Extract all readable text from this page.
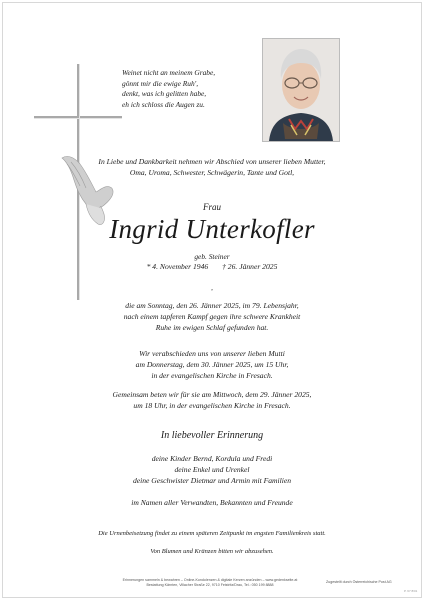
Weinet nicht an meinem Grabe,
gönnt mir die ewige Ruh',
denkt, was ich gelitten habe,
eh ich schloss die Augen zu.
In Liebe und Dankbarkeit nehmen wir Abschied von unserer lieben Mutter,
Oma, Uroma, Schwester, Schwägerin, Tante und Gotl,
Frau
Ingrid Unterkofler
geb. Steiner
* 4. November 1946 † 26. Jänner 2025
,
die am Sonntag, den 26. Jänner 2025, im 79. Lebensjahr,
nach einem tapferen Kampf gegen ihre schwere Krankheit
Ruhe im ewigen Schlaf gefunden hat.
Wir verabschieden uns von unserer lieben Mutti
am Donnerstag, dem 30. Jänner 2025, um 15 Uhr,
in der evangelischen Kirche in Fresach.
Gemeinsam beten wir für sie am Mittwoch, dem 29. Jänner 2025,
um 18 Uhr, in der evangelischen Kirche in Fresach.
In liebevoller Erinnerung
deine Kinder Bernd, Kordula und Fredi
deine Enkel und Urenkel
deine Geschwister Dietmar und Armin mit Familien
im Namen aller Verwandten, Bekannten und Freunde
Die Urnenbeisetzung findet zu einem späteren Zeitpunkt im engsten Familienkreis statt.
Von Blumen und Kränzen bitten wir abzusehen.
Erinnerungen sammeln & bewahren – Online-Kondolenzen & digitale Kerzen anzünden – www.gedenkseite.at
Bestattung Kärnten, Villacher Straße 22, 9710 Feistritz/Drau, Tel.: 050 199 8888
Zugestellt durch Österreichische Post AG
P. 67 8/01
